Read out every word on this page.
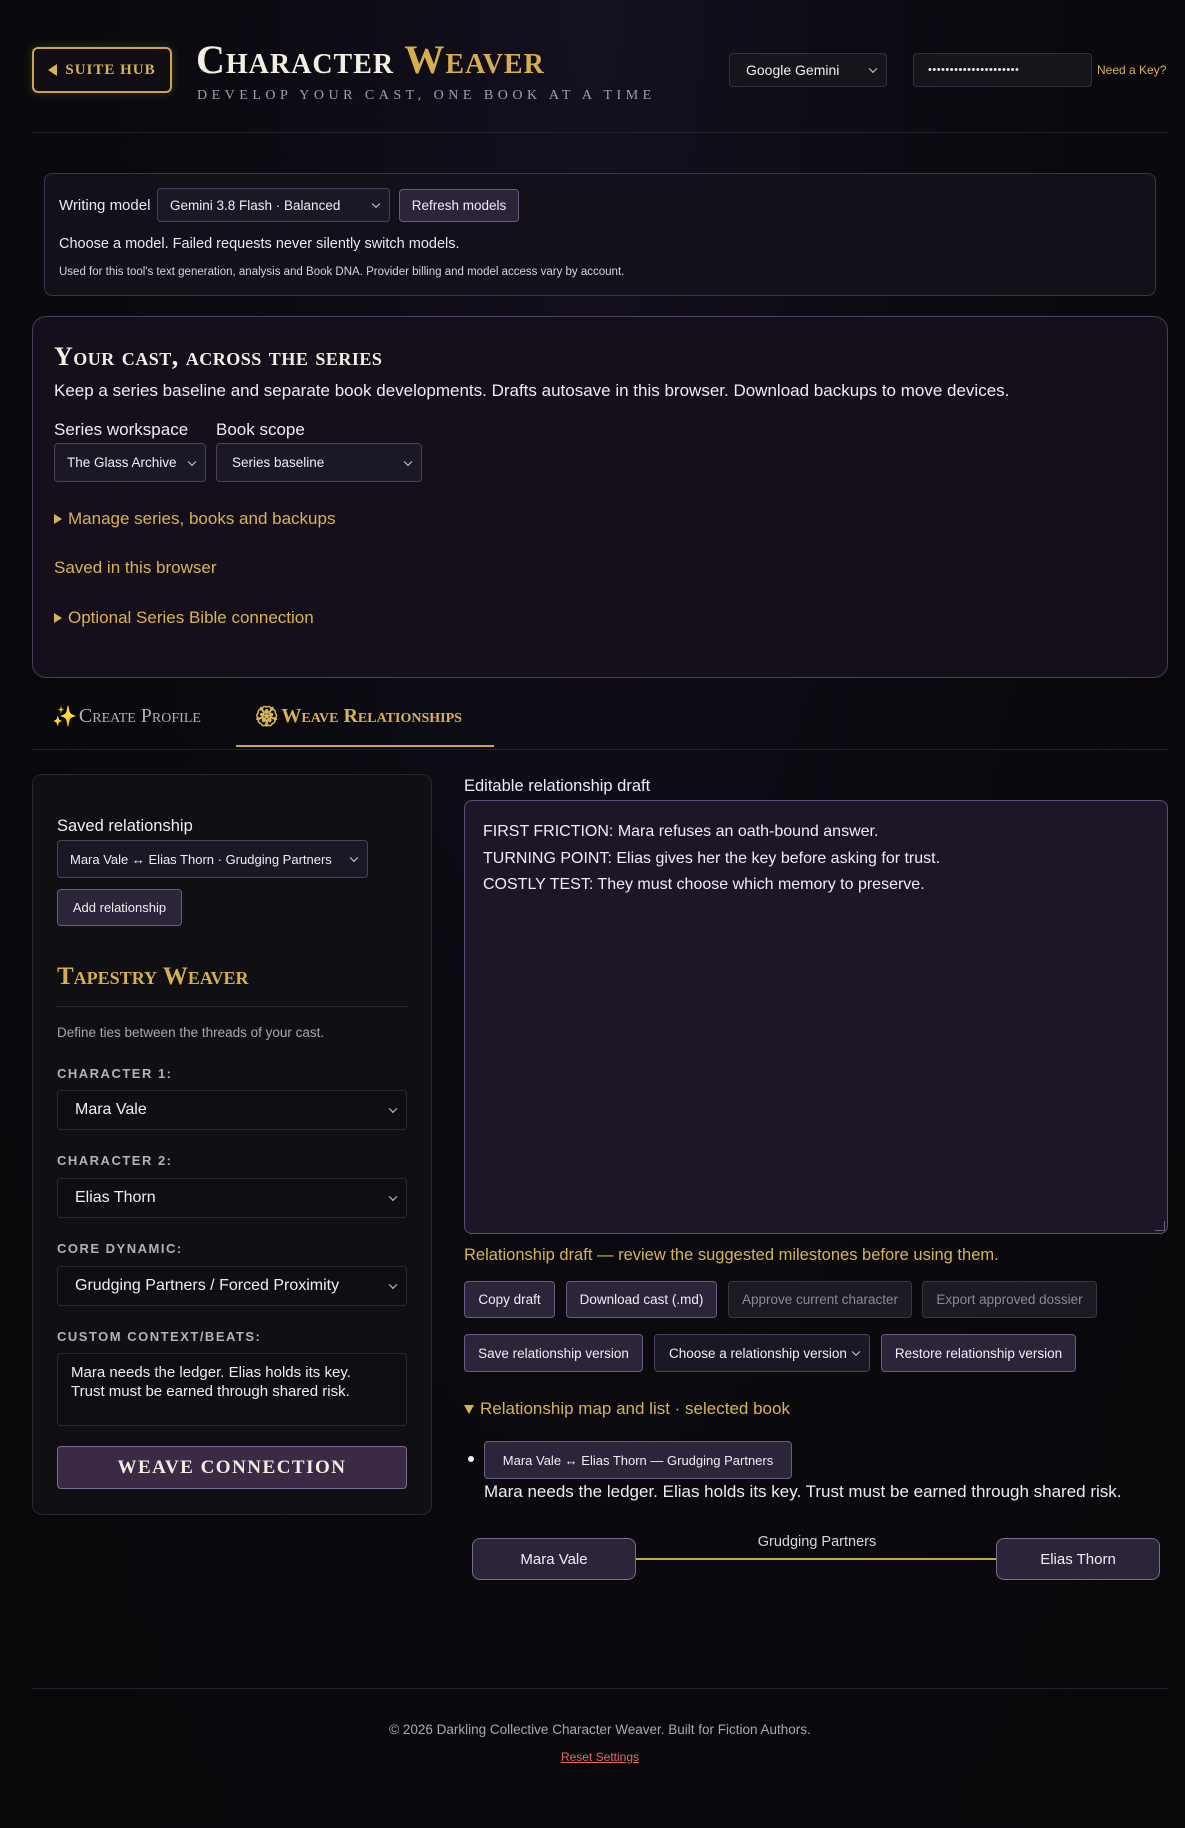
SUITE HUB Character Weaver
DEVELOP YOUR CAST, ONE BOOK AT A TIME
Google Gemini	•••••••••••••••••••••	Need a Key?
Writing model Gemini 3.8 Flash · Balanced	Refresh models
Choose a model. Failed requests never silently switch models.
Used for this tool's text generation, analysis and Book DNA. Provider billing and model access vary by account.
Your cast, across the series
Keep a series baseline and separate book developments. Drafts autosave in this browser. Download backups to move devices.
Series workspace Book scope
The Glass Archive	Series baseline
Manage series, books and backups
Saved in this browser
Optional Series Bible connection
✨ Create Profile	🏵 Weave Relationships
Saved relationship
Mara Vale ↔ Elias Thorn · Grudging Partners
Add relationship
Tapestry Weaver
Define ties between the threads of your cast.
CHARACTER 1:
Mara Vale
CHARACTER 2:
Elias Thorn
CORE DYNAMIC:
Grudging Partners / Forced Proximity
CUSTOM CONTEXT/BEATS:
Mara needs the ledger. Elias holds its key.
Trust must be earned through shared risk.
WEAVE CONNECTION
Editable relationship draft
FIRST FRICTION: Mara refuses an oath-bound answer.
TURNING POINT: Elias gives her the key before asking for trust.
COSTLY TEST: They must choose which memory to preserve.
Relationship draft — review the suggested milestones before using them.
Copy draft	Download cast (.md)	Approve current character	Export approved dossier
Save relationship version	Choose a relationship version	Restore relationship version
Relationship map and list · selected book
Mara Vale ↔ Elias Thorn — Grudging Partners
Mara needs the ledger. Elias holds its key. Trust must be earned through shared risk.
Grudging Partners
Mara Vale	Elias Thorn
© 2026 Darkling Collective Character Weaver. Built for Fiction Authors.
Reset Settings
